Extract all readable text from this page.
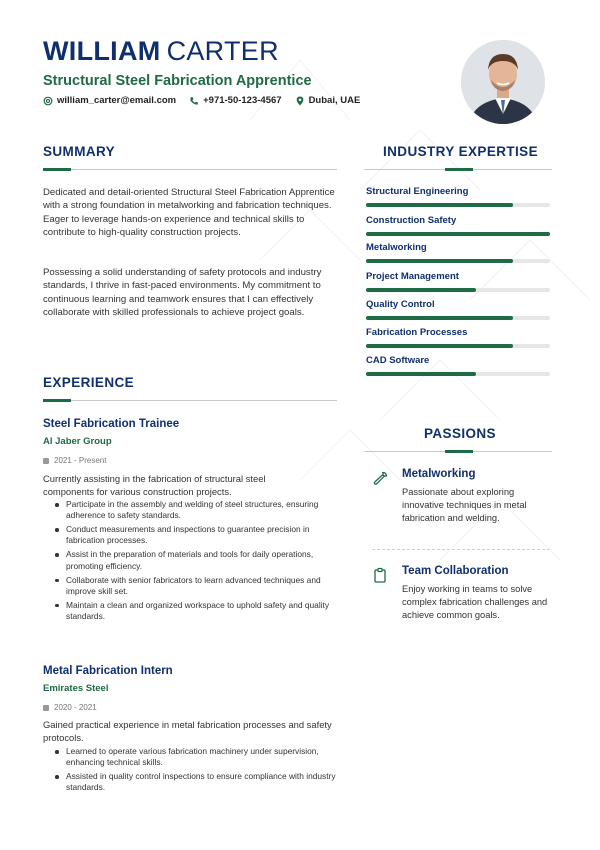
WILLIAM CARTER
Structural Steel Fabrication Apprentice
william_carter@email.com	+971-50-123-4567	Dubai, UAE
SUMMARY
Dedicated and detail-oriented Structural Steel Fabrication Apprentice with a strong foundation in metalworking and fabrication techniques. Eager to leverage hands-on experience and technical skills to contribute to high-quality construction projects.
Possessing a solid understanding of safety protocols and industry standards, I thrive in fast-paced environments. My commitment to continuous learning and teamwork ensures that I can effectively collaborate with skilled professionals to achieve project goals.
EXPERIENCE
Steel Fabrication Trainee
Al Jaber Group
2021 - Present
Currently assisting in the fabrication of structural steel components for various construction projects.
Participate in the assembly and welding of steel structures, ensuring adherence to safety standards.
Conduct measurements and inspections to guarantee precision in fabrication processes.
Assist in the preparation of materials and tools for daily operations, promoting efficiency.
Collaborate with senior fabricators to learn advanced techniques and improve skill set.
Maintain a clean and organized workspace to uphold safety and quality standards.
Metal Fabrication Intern
Emirates Steel
2020 - 2021
Gained practical experience in metal fabrication processes and safety protocols.
Learned to operate various fabrication machinery under supervision, enhancing technical skills.
Assisted in quality control inspections to ensure compliance with industry standards.
INDUSTRY EXPERTISE
Structural Engineering
Construction Safety
Metalworking
Project Management
Quality Control
Fabrication Processes
CAD Software
PASSIONS
Metalworking
Passionate about exploring innovative techniques in metal fabrication and welding.
Team Collaboration
Enjoy working in teams to solve complex fabrication challenges and achieve common goals.
